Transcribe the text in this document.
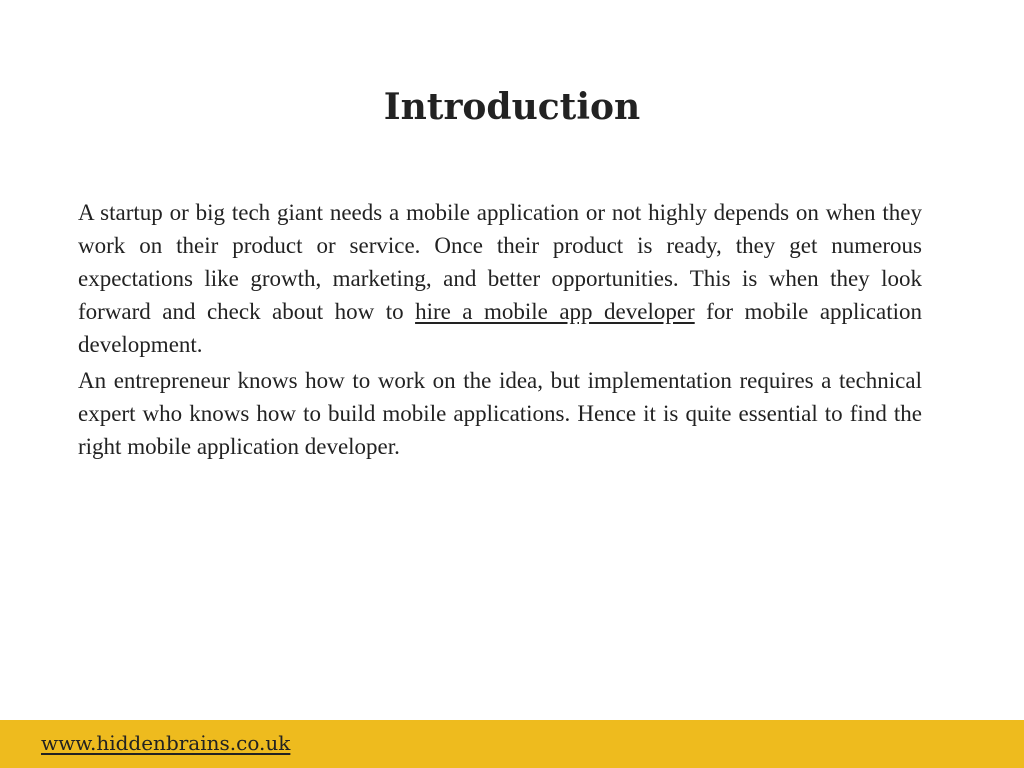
Introduction

A startup or big tech giant needs a mobile application or not highly depends on when they work on their product or service. Once their product is ready, they get numerous expectations like growth, marketing, and better opportunities. This is when they look forward and check about how to hire a mobile app developer for mobile application development.

An entrepreneur knows how to work on the idea, but implementation requires a technical expert who knows how to build mobile applications. Hence it is quite essential to find the right mobile application developer.

www.hiddenbrains.co.uk
